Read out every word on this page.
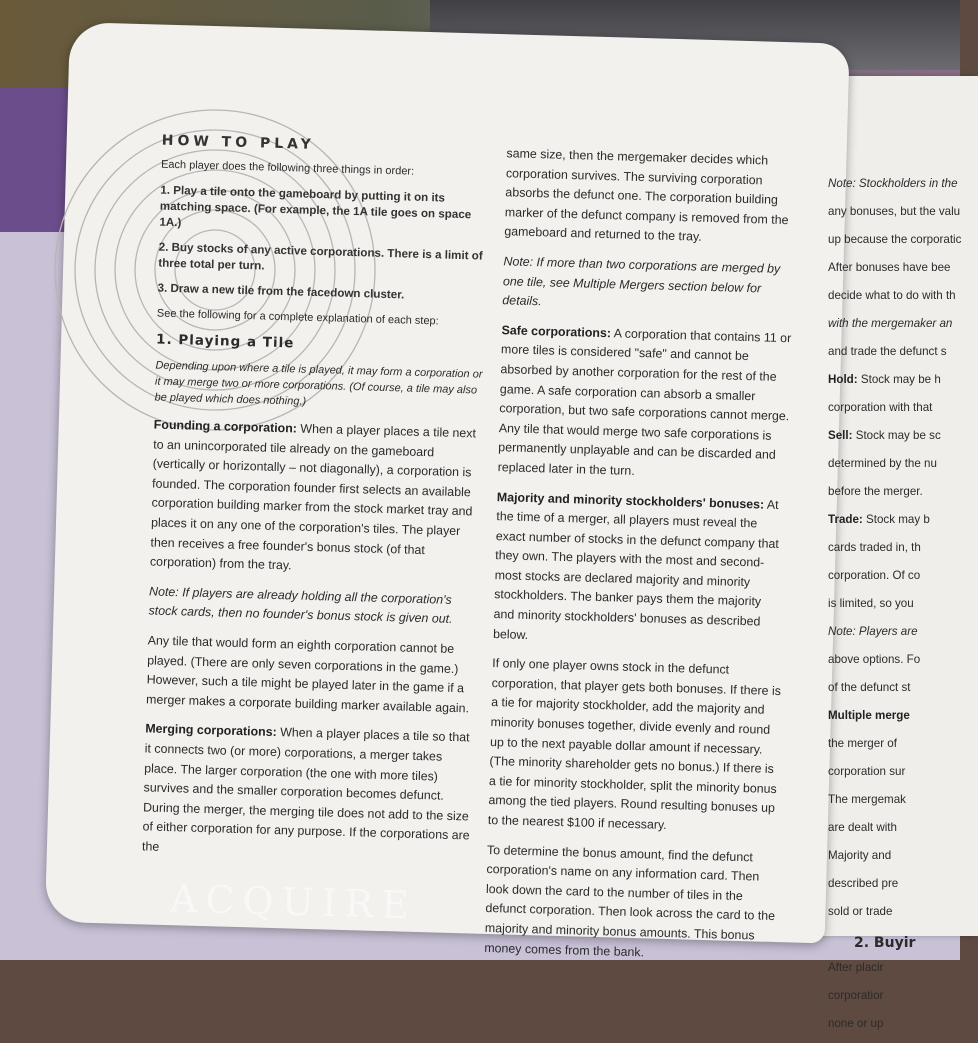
HOW TO PLAY

Each player does the following three things in order:

1. Play a tile onto the gameboard by putting it on its matching space. (For example, the 1A tile goes on space 1A.)
2. Buy stocks of any active corporations. There is a limit of three total per turn.
3. Draw a new tile from the facedown cluster.

See the following for a complete explanation of each step:

1. Playing a Tile

Depending upon where a tile is played, it may form a corporation or it may merge two or more corporations. (Of course, a tile may also be played which does nothing.)

Founding a corporation: When a player places a tile next to an unincorporated tile already on the gameboard (vertically or horizontally – not diagonally), a corporation is founded. The corporation founder first selects an available corporation building marker from the stock market tray and places it on any one of the corporation's tiles. The player then receives a free founder's bonus stock (of that corporation) from the tray.

Note: If players are already holding all the corporation's stock cards, then no founder's bonus stock is given out.

Any tile that would form an eighth corporation cannot be played. (There are only seven corporations in the game.) However, such a tile might be played later in the game if a merger makes a corporate building marker available again.

Merging corporations: When a player places a tile so that it connects two (or more) corporations, a merger takes place. The larger corporation (the one with more tiles) survives and the smaller corporation becomes defunct. During the merger, the merging tile does not add to the size of either corporation for any purpose. If the corporations are the

same size, then the mergemaker decides which corporation survives. The surviving corporation absorbs the defunct one. The corporation building marker of the defunct company is removed from the gameboard and returned to the tray.

Note: If more than two corporations are merged by one tile, see Multiple Mergers section below for details.

Safe corporations: A corporation that contains 11 or more tiles is considered "safe" and cannot be absorbed by another corporation for the rest of the game. A safe corporation can absorb a smaller corporation, but two safe corporations cannot merge. Any tile that would merge two safe corporations is permanently unplayable and can be discarded and replaced later in the turn.

Majority and minority stockholders' bonuses: At the time of a merger, all players must reveal the exact number of stocks in the defunct company that they own. The players with the most and second-most stocks are declared majority and minority stockholders. The banker pays them the majority and minority stockholders' bonuses as described below.

If only one player owns stock in the defunct corporation, that player gets both bonuses. If there is a tie for majority stockholder, add the majority and minority bonuses together, divide evenly and round up to the next payable dollar amount if necessary. (The minority shareholder gets no bonus.) If there is a tie for minority stockholder, split the minority bonus among the tied players. Round resulting bonuses up to the nearest $100 if necessary.

To determine the bonus amount, find the defunct corporation's name on any information card. Then look down the card to the number of tiles in the defunct corporation. Then look across the card to the majority and minority bonus amounts. This bonus money comes from the bank.

Note: Stockholders in the

any bonuses, but the valu

up because the corporatic

After bonuses have bee

decide what to do with th

with the mergemaker an

and trade the defunct s

Hold: Stock may be h

corporation with that

Sell: Stock may be sc

determined by the nu

before the merger.

Trade: Stock may b

cards traded in, th

corporation. Of co

is limited, so you

Note: Players are

above options. Fo

of the defunct st

Multiple merge

the merger of

corporation sur

The mergemak

are dealt with

Majority and

described pre

sold or trade

2. Buyir

After placir

corporatior

none or up

ACQUIRE
